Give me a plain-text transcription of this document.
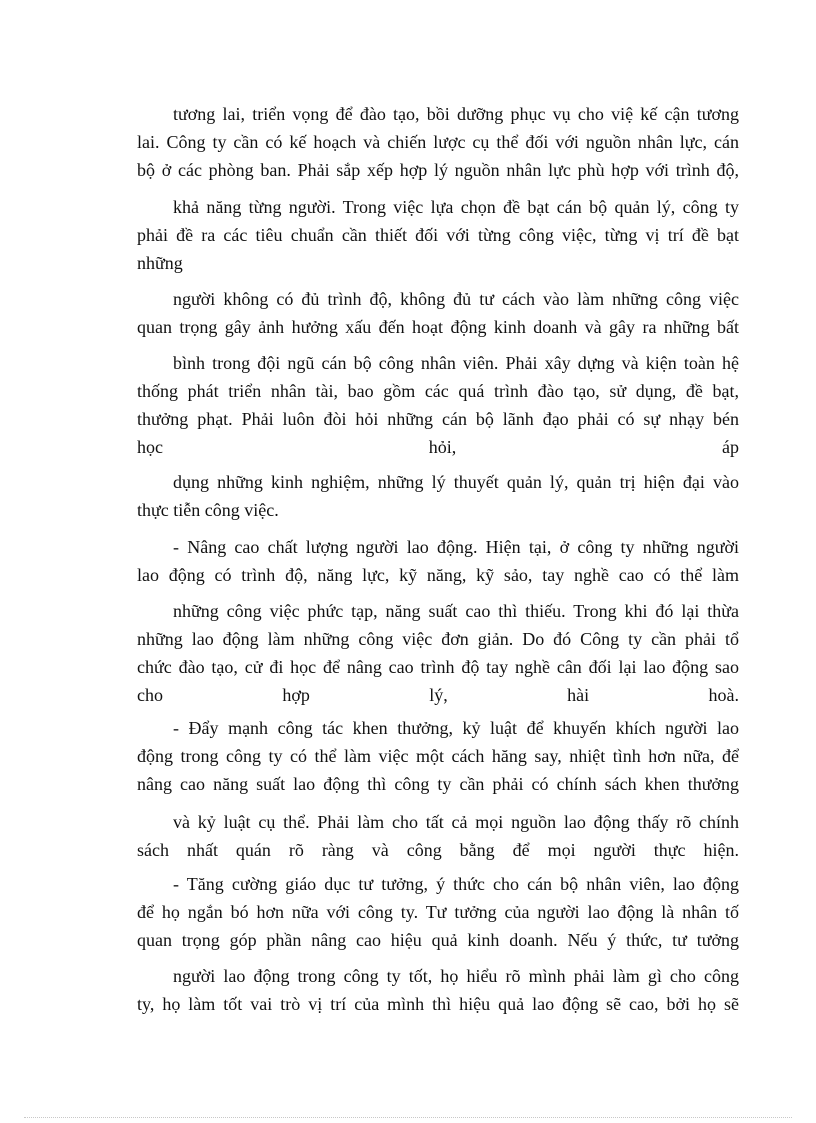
tương lai, triển vọng để đào tạo, bồi dưỡng phục vụ cho việ kế cận tương
lai. Công ty cần có kế hoạch và chiến lược cụ thể đối với nguồn nhân lực, cán
bộ ở các phòng ban. Phải sắp xếp hợp lý nguồn nhân lực phù hợp với trình độ,
khả năng từng người. Trong việc lựa chọn đề bạt cán bộ quản lý, công ty
phải đề ra các tiêu chuẩn cần thiết đối với từng công việc, từng vị trí đề bạt
những
người không có đủ trình độ, không đủ tư cách vào làm những công việc
quan trọng gây ảnh hưởng xấu đến hoạt động kinh doanh và gây ra những bất
bình trong đội ngũ cán bộ công nhân viên. Phải xây dựng và kiện toàn hệ
thống phát triển nhân tài, bao gồm các quá trình đào tạo, sử dụng, đề bạt,
thưởng phạt. Phải luôn đòi hỏi những cán bộ lãnh đạo phải có sự nhạy bén
học hỏi, áp
dụng những kinh nghiệm, những lý thuyết quản lý, quản trị hiện đại vào
thực tiễn công việc.
- Nâng cao chất lượng người lao động. Hiện tại, ở công ty những người
lao động có trình độ, năng lực, kỹ năng, kỹ sảo, tay nghề cao có thể làm
những công việc phức tạp, năng suất cao thì thiếu. Trong khi đó lại thừa
những lao động làm những công việc đơn giản. Do đó Công ty cần phải tổ
chức đào tạo, cử đi học để nâng cao trình độ tay nghề cân đối lại lao động sao
cho hợp lý, hài hoà.
- Đẩy mạnh công tác khen thưởng, kỷ luật để khuyến khích người lao
động trong công ty có thể làm việc một cách hăng say, nhiệt tình hơn nữa, để
nâng cao năng suất lao động thì công ty cần phải có chính sách khen thưởng
và kỷ luật cụ thể. Phải làm cho tất cả mọi nguồn lao động thấy rõ chính
sách nhất quán rõ ràng và công bằng để mọi người thực hiện.
- Tăng cường giáo dục tư tưởng, ý thức cho cán bộ nhân viên, lao động
để họ ngắn bó hơn nữa với công ty. Tư tưởng của người lao động là nhân tố
quan trọng góp phần nâng cao hiệu quả kinh doanh. Nếu ý thức, tư tưởng
người lao động trong công ty tốt, họ hiểu rõ mình phải làm gì cho công
ty, họ làm tốt vai trò vị trí của mình thì hiệu quả lao động sẽ cao, bởi họ sẽ
